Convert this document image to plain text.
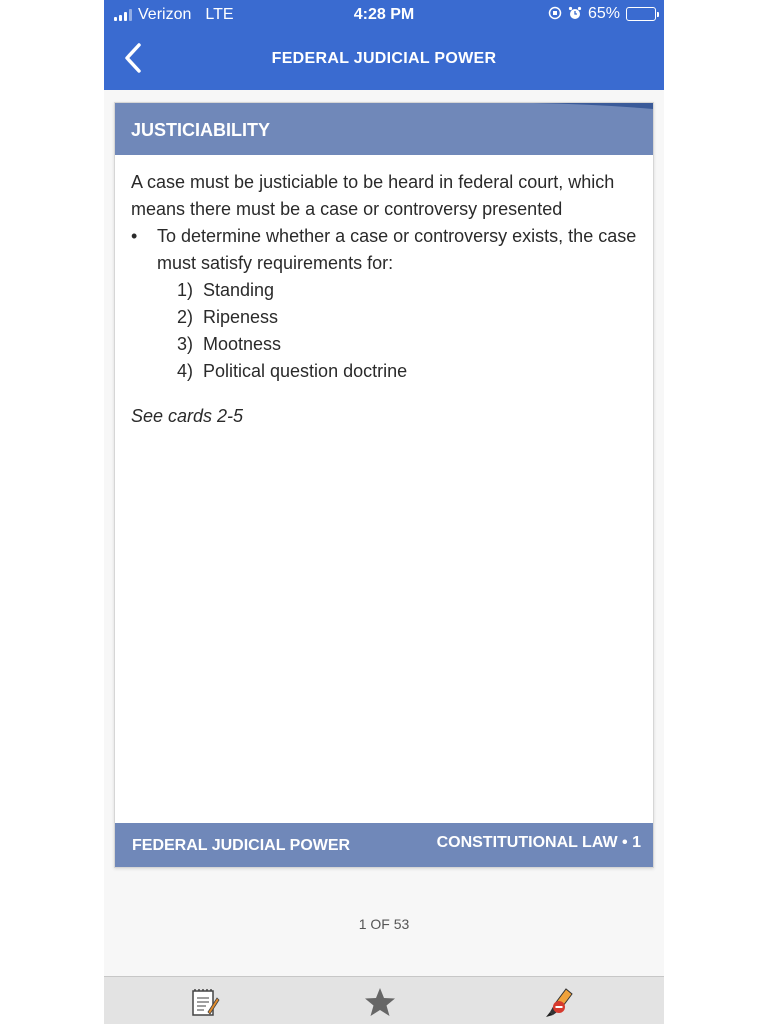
Verizon LTE	4:28 PM	65%
FEDERAL JUDICIAL POWER
JUSTICIABILITY

A case must be justiciable to be heard in federal court, which means there must be a case or controversy presented

•	To determine whether a case or controversy exists, the case must satisfy requirements for:
1) Standing
2) Ripeness
3) Mootness
4) Political question doctrine

See cards 2-5

FEDERAL JUDICIAL POWER	CONSTITUTIONAL LAW • 1
1 OF 53
